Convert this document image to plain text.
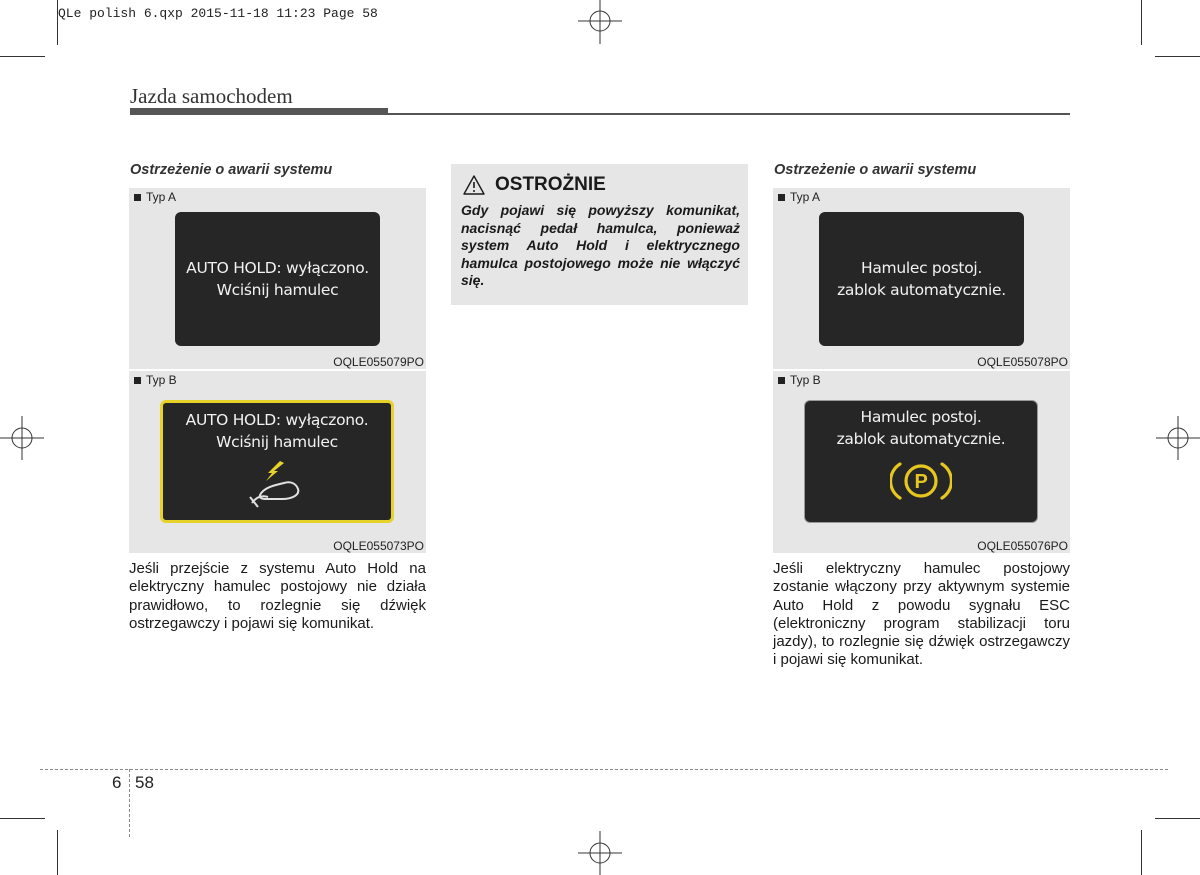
QLe polish 6.qxp 2015-11-18 11:23 Page 58
Jazda samochodem
Ostrzeżenie o awarii systemu
Typ A
AUTO HOLD: wyłączono.
Wciśnij hamulec
OQLE055079PO
Typ B
AUTO HOLD: wyłączono.
Wciśnij hamulec
OQLE055073PO
Jeśli przejście z systemu Auto Hold na elektryczny hamulec postojowy nie działa prawidłowo, to rozlegnie się dźwięk ostrzegawczy i pojawi się komunikat.
OSTROŻNIE
Gdy pojawi się powyższy komunikat, nacisnąć pedał hamulca, ponieważ system Auto Hold i elektrycznego hamulca postojowego może nie włączyć się.
Ostrzeżenie o awarii systemu
Typ A
Hamulec postoj.
zablok automatycznie.
OQLE055078PO
Typ B
Hamulec postoj.
zablok automatycznie.
P
OQLE055076PO
Jeśli elektryczny hamulec postojowy zostanie włączony przy aktywnym systemie Auto Hold z powodu sygnału ESC (elektroniczny program stabilizacji toru jazdy), to rozlegnie się dźwięk ostrzegawczy i pojawi się komunikat.
6 58
